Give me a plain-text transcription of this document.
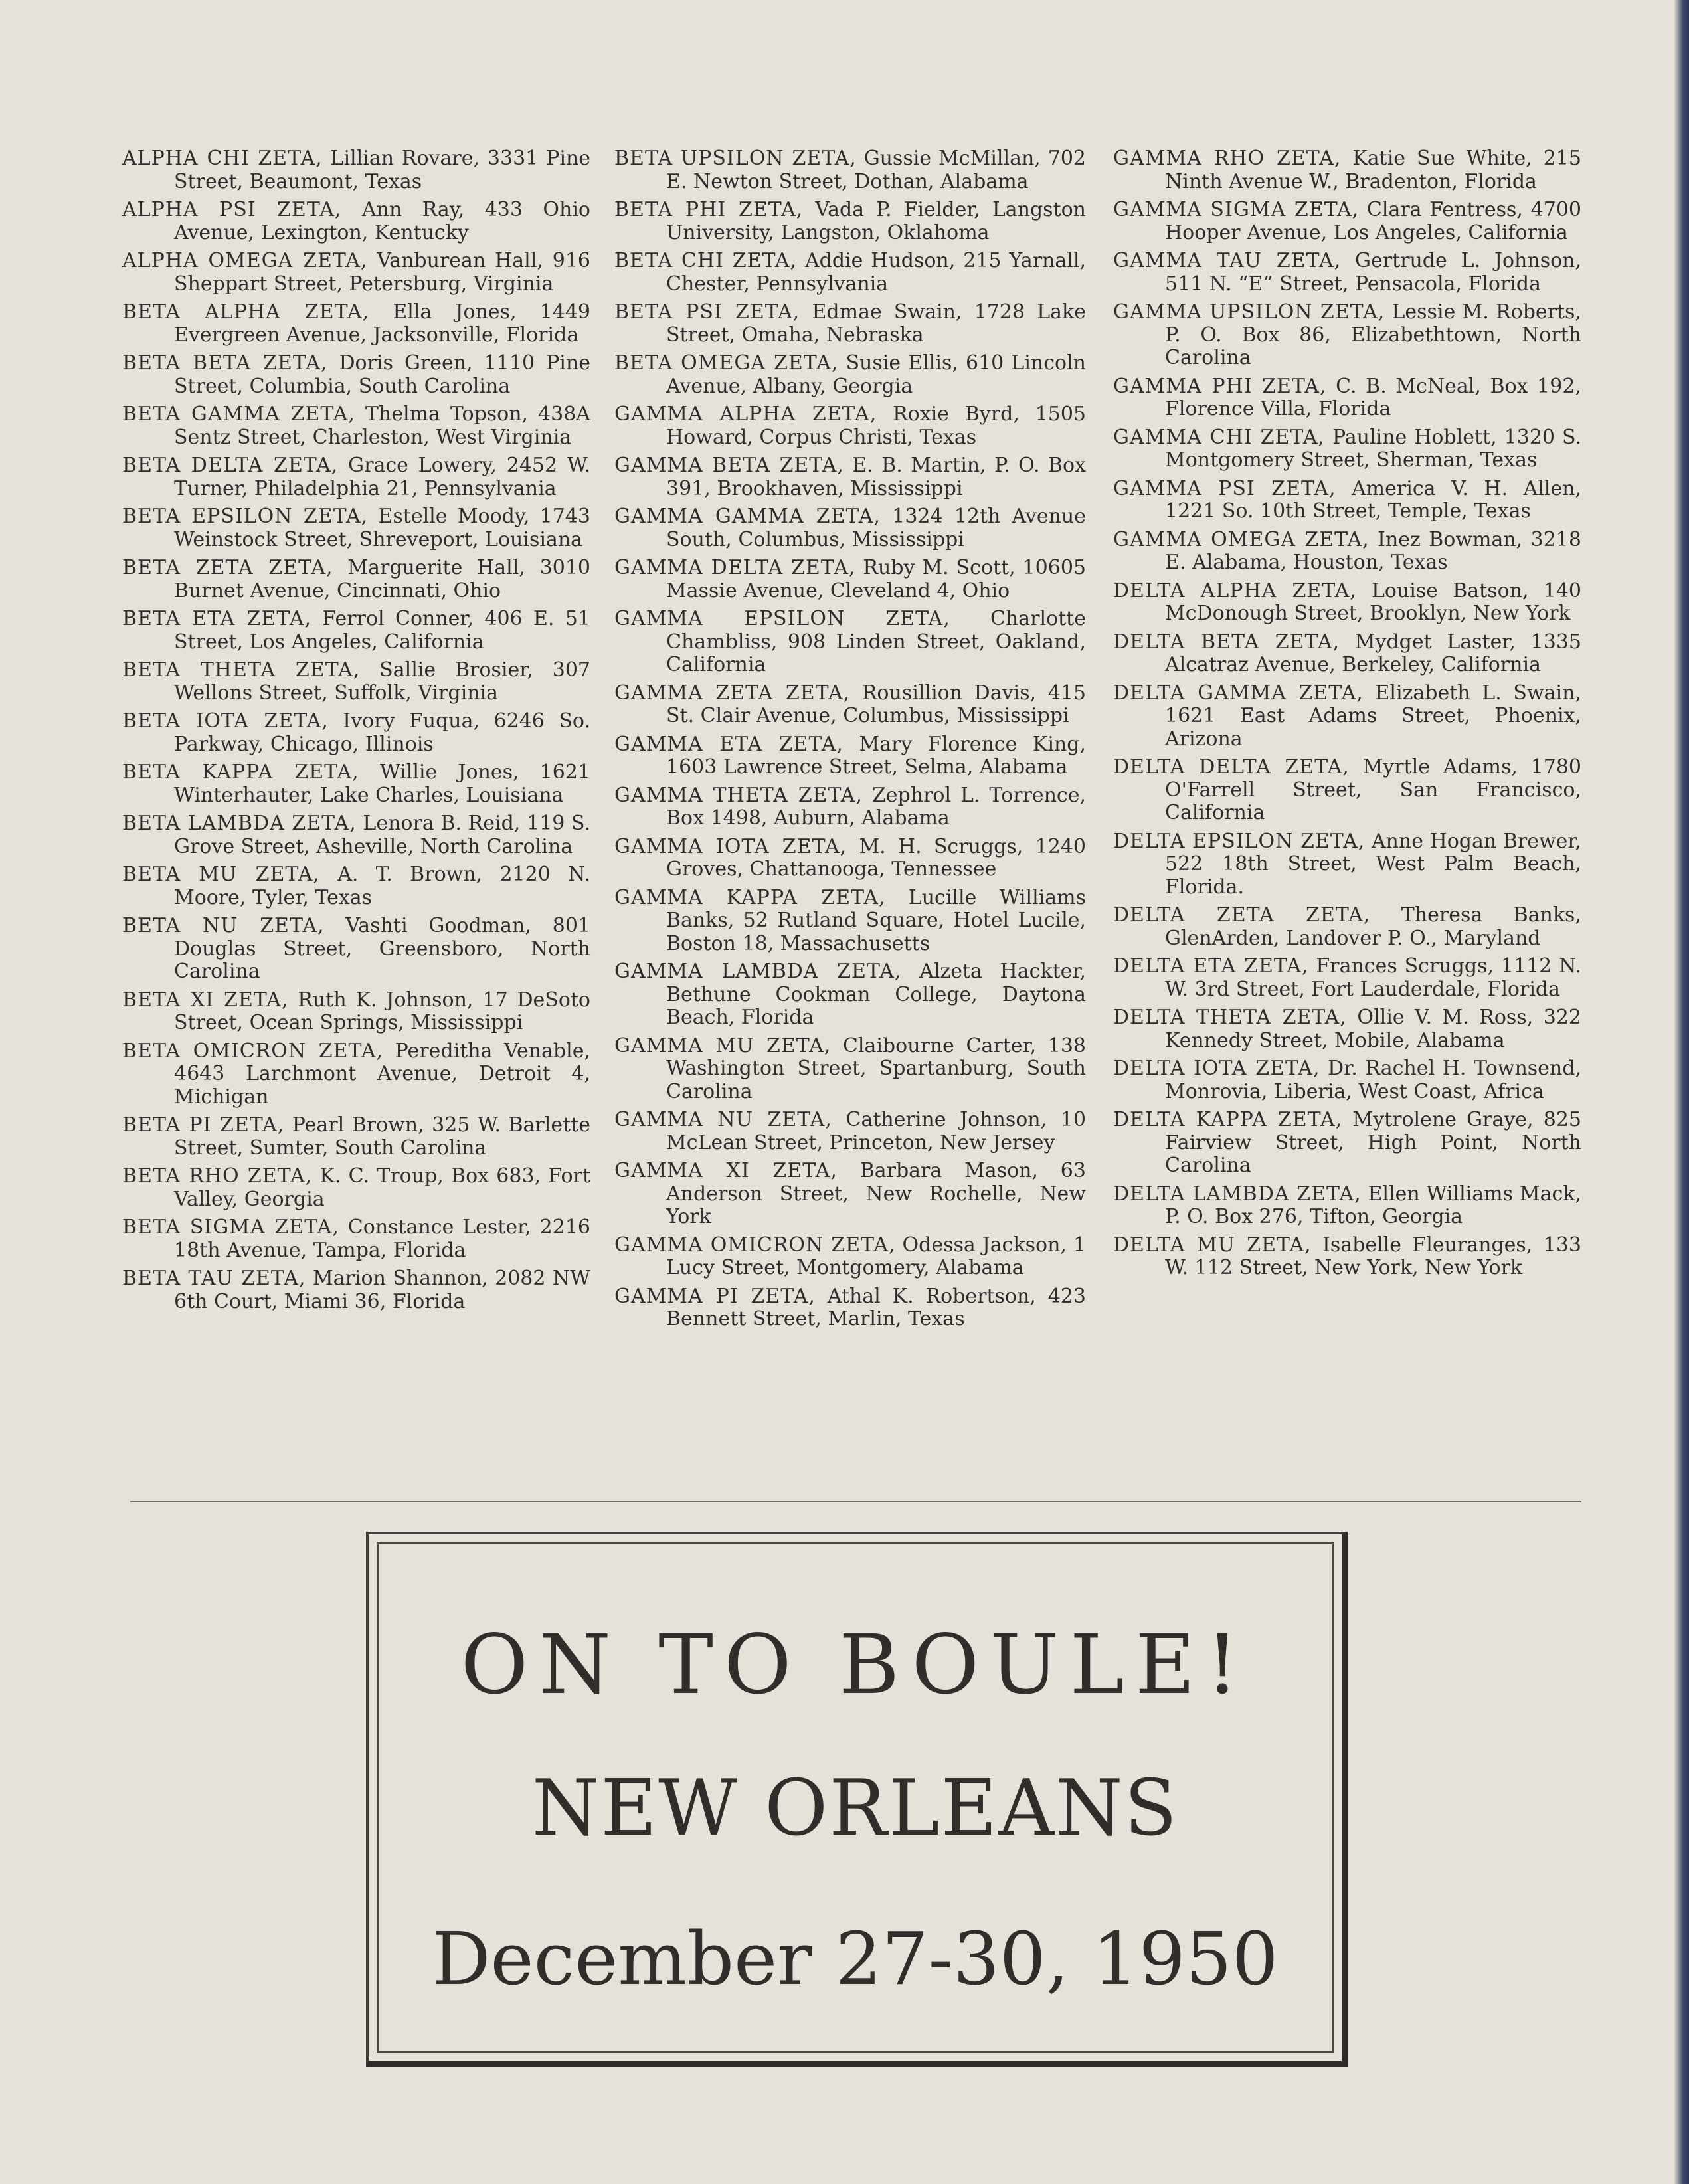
ALPHA CHI ZETA, Lillian Rovare, 3331 Pine Street, Beaumont, Texas

ALPHA PSI ZETA, Ann Ray, 433 Ohio Avenue, Lexington, Kentucky

ALPHA OMEGA ZETA, Vanburean Hall, 916 Sheppart Street, Petersburg, Virginia

BETA ALPHA ZETA, Ella Jones, 1449 Evergreen Avenue, Jacksonville, Florida

BETA BETA ZETA, Doris Green, 1110 Pine Street, Columbia, South Carolina

BETA GAMMA ZETA, Thelma Topson, 438A Sentz Street, Charleston, West Virginia

BETA DELTA ZETA, Grace Lowery, 2452 W. Turner, Philadelphia 21, Pennsylvania

BETA EPSILON ZETA, Estelle Moody, 1743 Weinstock Street, Shreveport, Louisiana

BETA ZETA ZETA, Marguerite Hall, 3010 Burnet Avenue, Cincinnati, Ohio

BETA ETA ZETA, Ferrol Conner, 406 E. 51 Street, Los Angeles, California

BETA THETA ZETA, Sallie Brosier, 307 Wellons Street, Suffolk, Virginia

BETA IOTA ZETA, Ivory Fuqua, 6246 So. Parkway, Chicago, Illinois

BETA KAPPA ZETA, Willie Jones, 1621 Winterhauter, Lake Charles, Louisiana

BETA LAMBDA ZETA, Lenora B. Reid, 119 S. Grove Street, Asheville, North Carolina

BETA MU ZETA, A. T. Brown, 2120 N. Moore, Tyler, Texas

BETA NU ZETA, Vashti Goodman, 801 Douglas Street, Greensboro, North Carolina

BETA XI ZETA, Ruth K. Johnson, 17 DeSoto Street, Ocean Springs, Mississippi

BETA OMICRON ZETA, Pereditha Venable, 4643 Larchmont Avenue, Detroit 4, Michigan

BETA PI ZETA, Pearl Brown, 325 W. Barlette Street, Sumter, South Carolina

BETA RHO ZETA, K. C. Troup, Box 683, Fort Valley, Georgia

BETA SIGMA ZETA, Constance Lester, 2216 18th Avenue, Tampa, Florida

BETA TAU ZETA, Marion Shannon, 2082 NW 6th Court, Miami 36, Florida

BETA UPSILON ZETA, Gussie McMillan, 702 E. Newton Street, Dothan, Alabama

BETA PHI ZETA, Vada P. Fielder, Langston University, Langston, Oklahoma

BETA CHI ZETA, Addie Hudson, 215 Yarnall, Chester, Pennsylvania

BETA PSI ZETA, Edmae Swain, 1728 Lake Street, Omaha, Nebraska

BETA OMEGA ZETA, Susie Ellis, 610 Lincoln Avenue, Albany, Georgia

GAMMA ALPHA ZETA, Roxie Byrd, 1505 Howard, Corpus Christi, Texas

GAMMA BETA ZETA, E. B. Martin, P. O. Box 391, Brookhaven, Mississippi

GAMMA GAMMA ZETA, 1324 12th Avenue South, Columbus, Mississippi

GAMMA DELTA ZETA, Ruby M. Scott, 10605 Massie Avenue, Cleveland 4, Ohio

GAMMA EPSILON ZETA, Charlotte Chambliss, 908 Linden Street, Oakland, California

GAMMA ZETA ZETA, Rousillion Davis, 415 St. Clair Avenue, Columbus, Mississippi

GAMMA ETA ZETA, Mary Florence King, 1603 Lawrence Street, Selma, Alabama

GAMMA THETA ZETA, Zephrol L. Torrence, Box 1498, Auburn, Alabama

GAMMA IOTA ZETA, M. H. Scruggs, 1240 Groves, Chattanooga, Tennessee

GAMMA KAPPA ZETA, Lucille Williams Banks, 52 Rutland Square, Hotel Lucile, Boston 18, Massachusetts

GAMMA LAMBDA ZETA, Alzeta Hackter, Bethune Cookman College, Daytona Beach, Florida

GAMMA MU ZETA, Claibourne Carter, 138 Washington Street, Spartanburg, South Carolina

GAMMA NU ZETA, Catherine Johnson, 10 McLean Street, Princeton, New Jersey

GAMMA XI ZETA, Barbara Mason, 63 Anderson Street, New Rochelle, New York

GAMMA OMICRON ZETA, Odessa Jackson, 1 Lucy Street, Montgomery, Alabama

GAMMA PI ZETA, Athal K. Robertson, 423 Bennett Street, Marlin, Texas

GAMMA RHO ZETA, Katie Sue White, 215 Ninth Avenue W., Bradenton, Florida

GAMMA SIGMA ZETA, Clara Fentress, 4700 Hooper Avenue, Los Angeles, California

GAMMA TAU ZETA, Gertrude L. Johnson, 511 N. “E” Street, Pensacola, Florida

GAMMA UPSILON ZETA, Lessie M. Roberts, P. O. Box 86, Elizabethtown, North Carolina

GAMMA PHI ZETA, C. B. McNeal, Box 192, Florence Villa, Florida

GAMMA CHI ZETA, Pauline Hoblett, 1320 S. Montgomery Street, Sherman, Texas

GAMMA PSI ZETA, America V. H. Allen, 1221 So. 10th Street, Temple, Texas

GAMMA OMEGA ZETA, Inez Bowman, 3218 E. Alabama, Houston, Texas

DELTA ALPHA ZETA, Louise Batson, 140 McDonough Street, Brooklyn, New York

DELTA BETA ZETA, Mydget Laster, 1335 Alcatraz Avenue, Berkeley, California

DELTA GAMMA ZETA, Elizabeth L. Swain, 1621 East Adams Street, Phoenix, Arizona

DELTA DELTA ZETA, Myrtle Adams, 1780 O'Farrell Street, San Francisco, California

DELTA EPSILON ZETA, Anne Hogan Brewer, 522 18th Street, West Palm Beach, Florida.

DELTA ZETA ZETA, Theresa Banks, GlenArden, Landover P. O., Maryland

DELTA ETA ZETA, Frances Scruggs, 1112 N. W. 3rd Street, Fort Lauderdale, Florida

DELTA THETA ZETA, Ollie V. M. Ross, 322 Kennedy Street, Mobile, Alabama

DELTA IOTA ZETA, Dr. Rachel H. Townsend, Monrovia, Liberia, West Coast, Africa

DELTA KAPPA ZETA, Mytrolene Graye, 825 Fairview Street, High Point, North Carolina

DELTA LAMBDA ZETA, Ellen Williams Mack, P. O. Box 276, Tifton, Georgia

DELTA MU ZETA, Isabelle Fleuranges, 133 W. 112 Street, New York, New York

ON TO BOULE!
NEW ORLEANS
December 27-30, 1950
